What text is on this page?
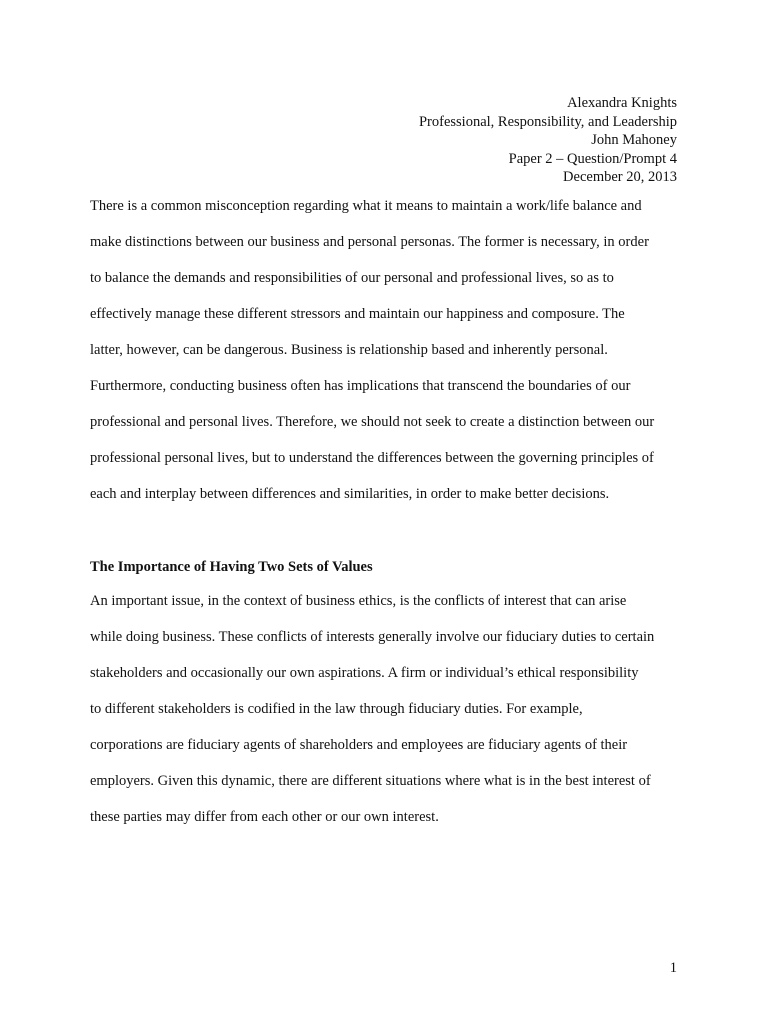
Alexandra Knights
Professional, Responsibility, and Leadership
John Mahoney
Paper 2 – Question/Prompt 4
December 20, 2013
There is a common misconception regarding what it means to maintain a work/life balance and
make distinctions between our business and personal personas. The former is necessary, in order
to balance the demands and responsibilities of our personal and professional lives, so as to
effectively manage these different stressors and maintain our happiness and composure. The
latter, however, can be dangerous. Business is relationship based and inherently personal.
Furthermore, conducting business often has implications that transcend the boundaries of our
professional and personal lives. Therefore, we should not seek to create a distinction between our
professional personal lives, but to understand the differences between the governing principles of
each and interplay between differences and similarities, in order to make better decisions.
The Importance of Having Two Sets of Values
An important issue, in the context of business ethics, is the conflicts of interest that can arise
while doing business. These conflicts of interests generally involve our fiduciary duties to certain
stakeholders and occasionally our own aspirations. A firm or individual’s ethical responsibility
to different stakeholders is codified in the law through fiduciary duties. For example,
corporations are fiduciary agents of shareholders and employees are fiduciary agents of their
employers. Given this dynamic, there are different situations where what is in the best interest of
these parties may differ from each other or our own interest.
1
